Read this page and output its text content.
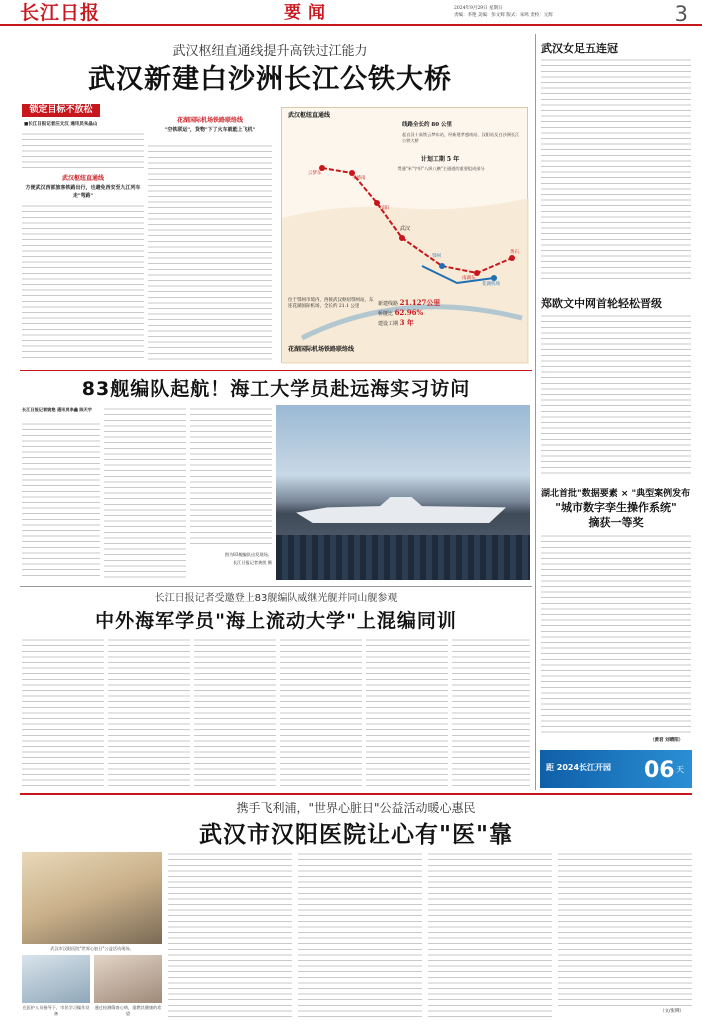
长江日报	要闻	2024年9月29日 星期日
责编：李艳 美编：彭文辉 版式：朱鸣 责校：元辉	3
武汉枢纽直通线提升高铁过江能力
武汉新建白沙洲长江公铁大桥
锁定目标不放松
■长江日报记者汪文汉 通讯员朱晶山
武汉枢纽直通线
方便武汉西部旅客铁路出行，也避免西安至九江列车走"弯路"
花湖国际机场铁路联络线
"空铁联运"，货物"下了火车就能上飞机"
武汉枢纽直通线
线路全长约 80 公里
起自汉十高铁云梦东站，经新建孝感南站、汉阳站及白沙洲长江公铁大桥
计划工期 5 年
贯通"米"字形"八纵八横"主通道的重要组成部分
云梦东
孝感南
汉阳
武汉
鄂州
花湖机场
黄石
南湖东
位于鄂州市境内，西接武汉枢纽鄂州站，东连花湖国际机场，全长约 21.1 公里	新建线路 21.127公里
桥隧比 62.96%
建设工期 3 年
花湖国际机场铁路联络线
83舰编队起航！海工大学员赴远海实习访问
长江日报记者姚艳 通讯员李鑫 陈天宇
图为83舰编队出发现场。
长江日报记者黄凯 摄
长江日报记者受邀登上83舰编队威继光舰并同山舰参观
中外海军学员"海上流动大学"上混编同训
武汉女足五连冠
郑欧文中网首轮轻松晋级
湖北首批"数据要素 × "典型案例发布
"城市数字孪生操作系统"
摘获一等奖
（黄君 刘晴阳）
距 2024长江开园 06 天
携手飞利浦，"世界心脏日"公益活动暖心惠民
武汉市汉阳医院让心有"医"靠
武汉市汉阳医院"世界心脏日"公益活动现场。
在医护人员指导下，市民学习操作设备
通过检测筛查心病，重燃其健康的希望	（文/张俐）
